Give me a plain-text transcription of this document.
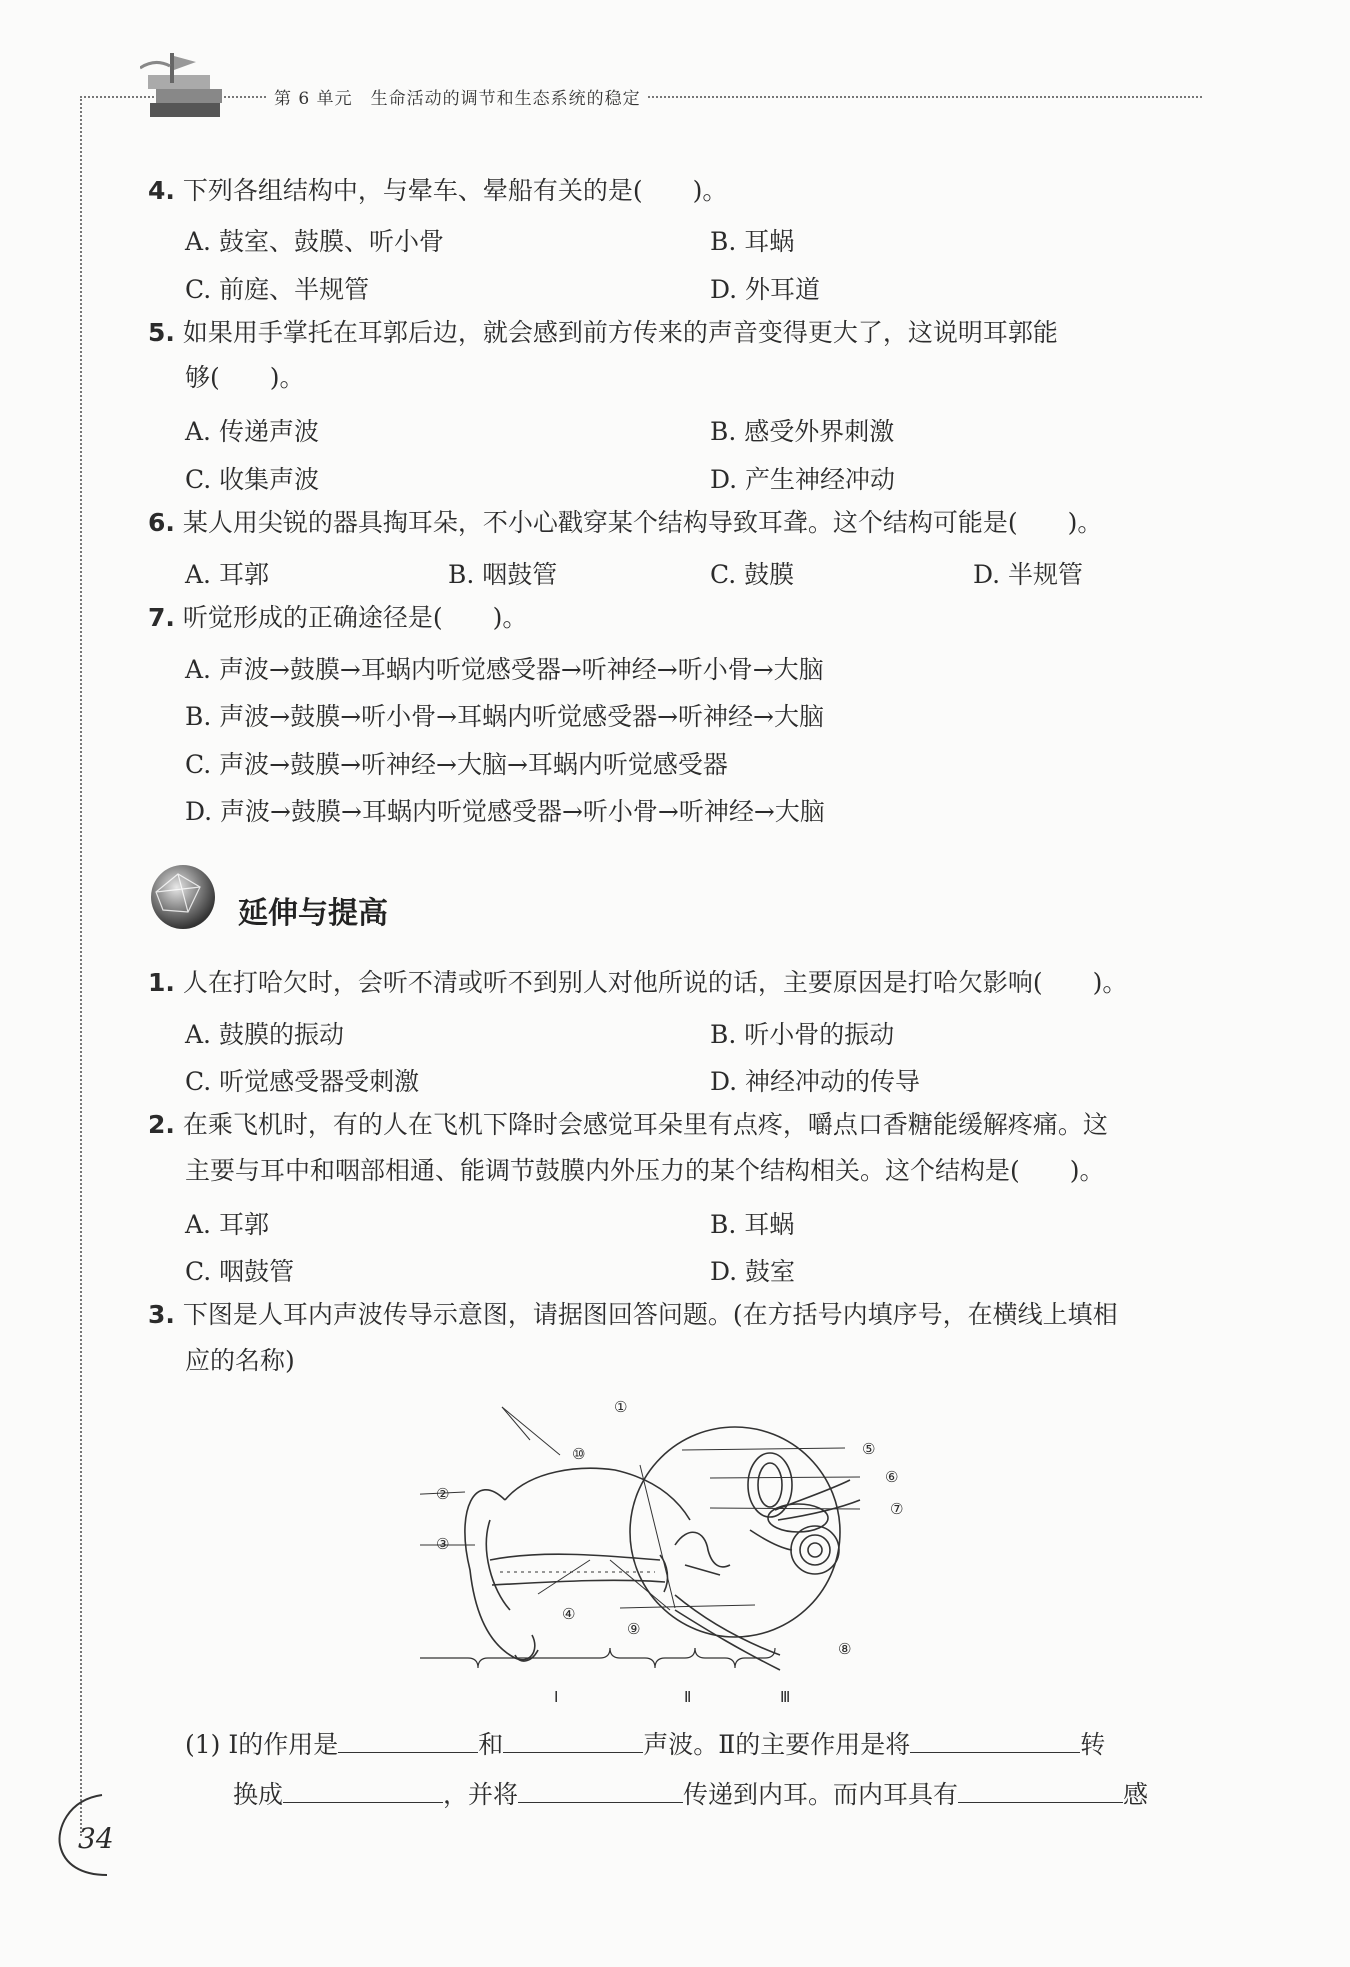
第 6 单元　生命活动的调节和生态系统的稳定
4. 下列各组结构中，与晕车、晕船有关的是(　　)。
A. 鼓室、鼓膜、听小骨	B. 耳蜗
C. 前庭、半规管	D. 外耳道
5. 如果用手掌托在耳郭后边，就会感到前方传来的声音变得更大了，这说明耳郭能
够(　　)。
A. 传递声波	B. 感受外界刺激
C. 收集声波	D. 产生神经冲动
6. 某人用尖锐的器具掏耳朵，不小心戳穿某个结构导致耳聋。这个结构可能是(　　)。
A. 耳郭	B. 咽鼓管	C. 鼓膜	D. 半规管
7. 听觉形成的正确途径是(　　)。
A. 声波→鼓膜→耳蜗内听觉感受器→听神经→听小骨→大脑
B. 声波→鼓膜→听小骨→耳蜗内听觉感受器→听神经→大脑
C. 声波→鼓膜→听神经→大脑→耳蜗内听觉感受器
D. 声波→鼓膜→耳蜗内听觉感受器→听小骨→听神经→大脑
延伸与提高
1. 人在打哈欠时，会听不清或听不到别人对他所说的话，主要原因是打哈欠影响(　　)。
A. 鼓膜的振动	B. 听小骨的振动
C. 听觉感受器受刺激	D. 神经冲动的传导
2. 在乘飞机时，有的人在飞机下降时会感觉耳朵里有点疼，嚼点口香糖能缓解疼痛。这
主要与耳中和咽部相通、能调节鼓膜内外压力的某个结构相关。这个结构是(　　)。
A. 耳郭	B. 耳蜗
C. 咽鼓管	D. 鼓室
3. 下图是人耳内声波传导示意图，请据图回答问题。(在方括号内填序号，在横线上填相
应的名称)
①
⑩
②
③
④
⑨
⑤
⑥
⑦
⑧
Ⅰ	Ⅱ	Ⅲ
(1) Ⅰ的作用是	和	声波。Ⅱ的主要作用是将	转
换成	，并将	传递到内耳。而内耳具有	感
34
